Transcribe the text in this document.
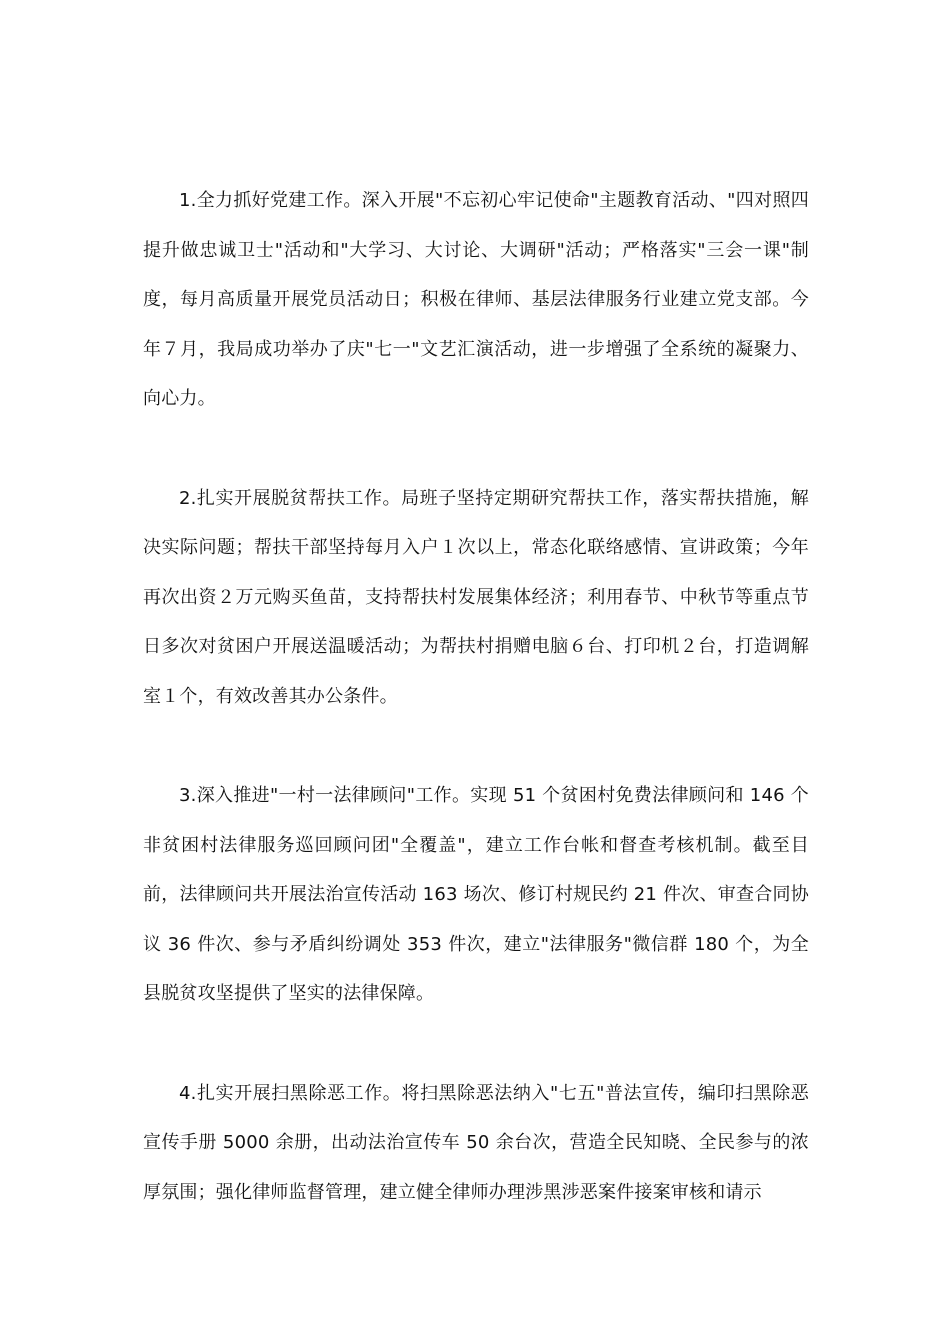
1.全力抓好党建工作。深入开展"不忘初心牢记使命"主题教育活动、"四对照四提升做忠诚卫士"活动和"大学习、大讨论、大调研"活动；严格落实"三会一课"制度，每月高质量开展党员活动日；积极在律师、基层法律服务行业建立党支部。今年７月，我局成功举办了庆"七一"文艺汇演活动，进一步增强了全系统的凝聚力、向心力。

2.扎实开展脱贫帮扶工作。局班子坚持定期研究帮扶工作，落实帮扶措施，解决实际问题；帮扶干部坚持每月入户１次以上，常态化联络感情、宣讲政策；今年再次出资２万元购买鱼苗，支持帮扶村发展集体经济；利用春节、中秋节等重点节日多次对贫困户开展送温暖活动；为帮扶村捐赠电脑６台、打印机２台，打造调解室１个，有效改善其办公条件。

3.深入推进"一村一法律顾问"工作。实现 51 个贫困村免费法律顾问和 146 个非贫困村法律服务巡回顾问团"全覆盖"，建立工作台帐和督查考核机制。截至目前，法律顾问共开展法治宣传活动 163 场次、修订村规民约 21 件次、审查合同协议 36 件次、参与矛盾纠纷调处 353 件次，建立"法律服务"微信群 180 个，为全县脱贫攻坚提供了坚实的法律保障。

4.扎实开展扫黑除恶工作。将扫黑除恶法纳入"七五"普法宣传，编印扫黑除恶宣传手册 5000 余册，出动法治宣传车 50 余台次，营造全民知晓、全民参与的浓厚氛围；强化律师监督管理，建立健全律师办理涉黑涉恶案件接案审核和请示
